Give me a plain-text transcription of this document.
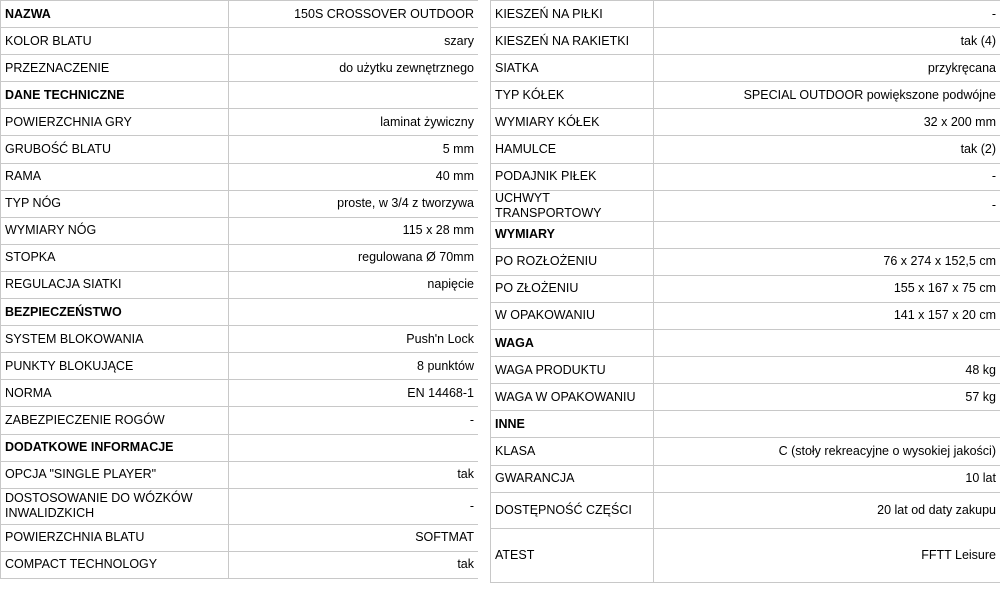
NAZWA	150S CROSSOVER OUTDOOR
KOLOR BLATU	szary
PRZEZNACZENIE	do użytku zewnętrznego
DANE TECHNICZNE	
POWIERZCHNIA GRY	laminat żywiczny
GRUBOŚĆ BLATU	5 mm
RAMA	40 mm
TYP NÓG	proste, w 3/4 z tworzywa
WYMIARY NÓG	115 x 28 mm
STOPKA	regulowana Ø 70mm
REGULACJA SIATKI	napięcie
BEZPIECZEŃSTWO	
SYSTEM BLOKOWANIA	Push'n Lock
PUNKTY BLOKUJĄCE	8 punktów
NORMA	EN 14468-1
ZABEZPIECZENIE ROGÓW	-
DODATKOWE INFORMACJE	
OPCJA "SINGLE PLAYER"	tak
DOSTOSOWANIE DO WÓZKÓW INWALIDZKICH	-
POWIERZCHNIA BLATU	SOFTMAT
COMPACT TECHNOLOGY	tak
KIESZEŃ NA PIŁKI	-
KIESZEŃ NA RAKIETKI	tak (4)
SIATKA	przykręcana
TYP KÓŁEK	SPECIAL OUTDOOR powiększone podwójne
WYMIARY KÓŁEK	32 x 200 mm
HAMULCE	tak (2)
PODAJNIK PIŁEK	-
UCHWYT TRANSPORTOWY	-
WYMIARY	
PO ROZŁOŻENIU	76 x 274 x 152,5 cm
PO ZŁOŻENIU	155 x 167 x 75 cm
W OPAKOWANIU	141 x 157 x 20 cm
WAGA	
WAGA PRODUKTU	48 kg
WAGA W OPAKOWANIU	57 kg
INNE	
KLASA	C (stoły rekreacyjne o wysokiej jakości)
GWARANCJA	10 lat
DOSTĘPNOŚĆ CZĘŚCI	20 lat od daty zakupu
ATEST	FFTT Leisure
